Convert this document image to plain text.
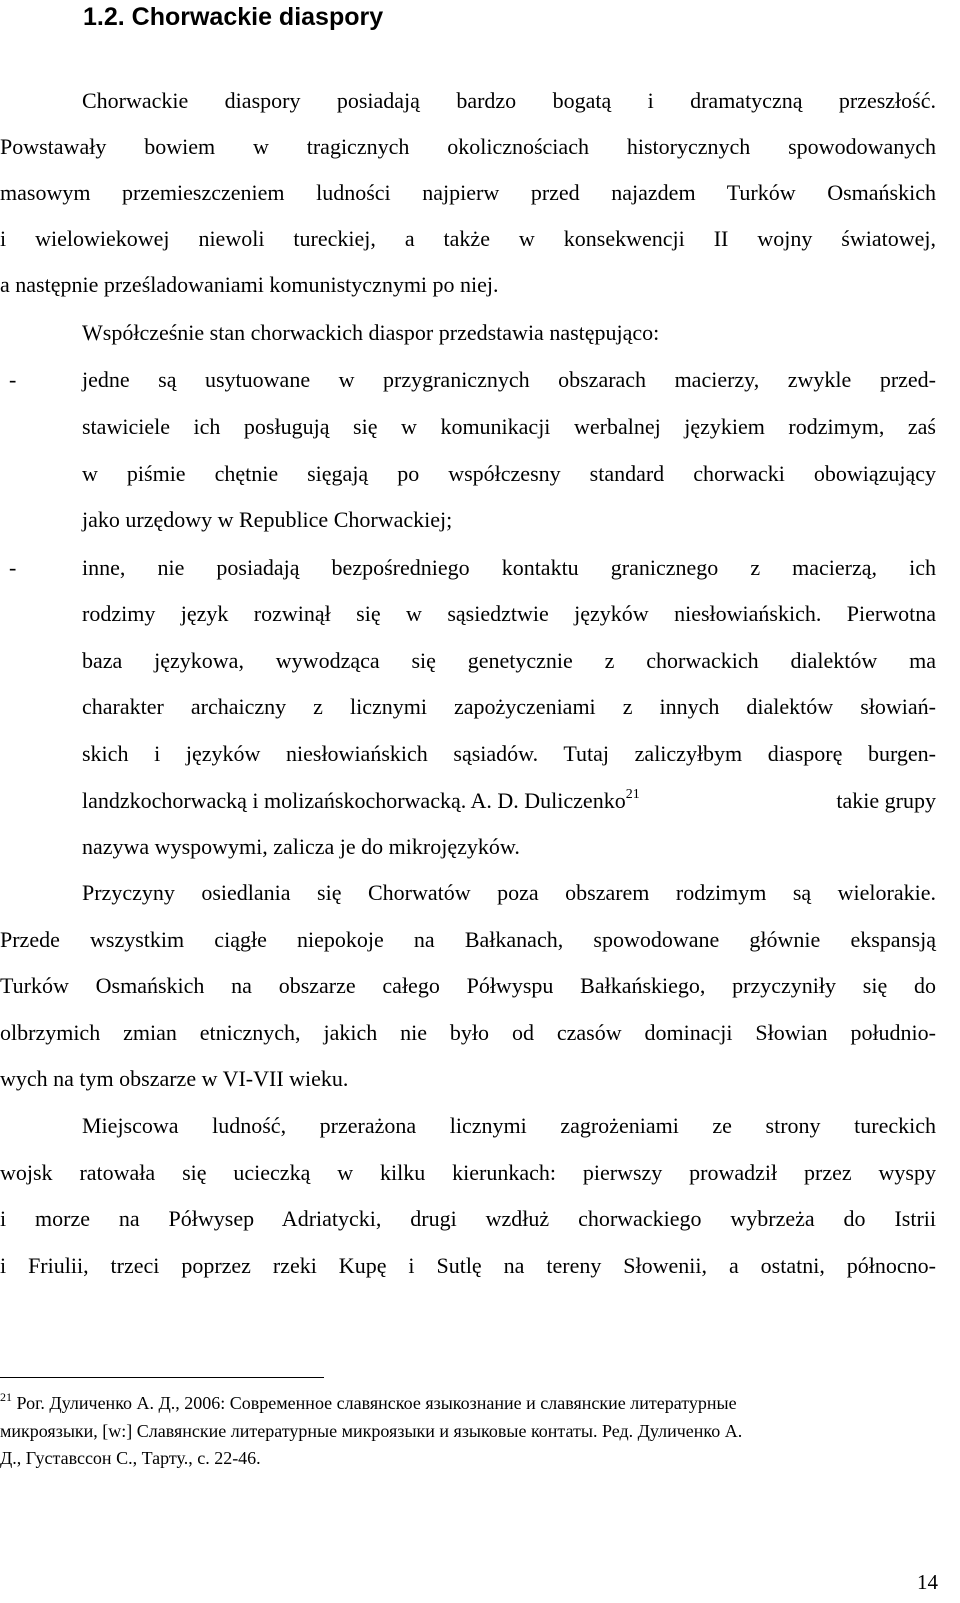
1.2. Chorwackie diaspory
Chorwackie diaspory posiadają bardzo bogatą i dramatyczną przeszłość.
Powstawały bowiem w tragicznych okolicznościach historycznych spowodowanych
masowym przemieszczeniem ludności najpierw przed najazdem Turków Osmańskich
i wielowiekowej niewoli tureckiej, a także w konsekwencji II wojny światowej,
a następnie prześladowaniami komunistycznymi po niej.
Współcześnie stan chorwackich diaspor przedstawia następująco:
-	jedne są usytuowane w przygranicznych obszarach macierzy, zwykle przed-
stawiciele ich posługują się w komunikacji werbalnej językiem rodzimym, zaś
w piśmie chętnie sięgają po współczesny standard chorwacki obowiązujący
jako urzędowy w Republice Chorwackiej;
-	inne, nie posiadają bezpośredniego kontaktu granicznego z macierzą, ich
rodzimy język rozwinął się w sąsiedztwie języków niesłowiańskich. Pierwotna
baza językowa, wywodząca się genetycznie z chorwackich dialektów ma
charakter archaiczny z licznymi zapożyczeniami z innych dialektów słowiań-
skich i języków niesłowiańskich sąsiadów. Tutaj zaliczyłbym diasporę burgen-
landzkochorwacką i molizańskochorwacką. A. D. Duliczenko$^{21}$	takie grupy
nazywa wyspowymi, zalicza je do mikrojęzyków.
Przyczyny osiedlania się Chorwatów poza obszarem rodzimym są wielorakie.
Przede wszystkim ciągłe niepokoje na Bałkanach, spowodowane głównie ekspansją
Turków Osmańskich na obszarze całego Półwyspu Bałkańskiego, przyczyniły się do
olbrzymich zmian etnicznych, jakich nie było od czasów dominacji Słowian południo-
wych na tym obszarze w VI-VII wieku.
Miejscowa ludność, przerażona licznymi zagrożeniami ze strony tureckich
wojsk ratowała się ucieczką w kilku kierunkach: pierwszy prowadził przez wyspy
i morze na Półwysep Adriatycki, drugi wzdłuż chorwackiego wybrzeża do Istrii
i Friulii, trzeci poprzez rzeki Kupę i Sutlę na tereny Słowenii, a ostatni, północno-
$^{21}$ Рог. Дуличенко А. Д., 2006: Современное славянское языкознание и славянские литературные
микроязыки, [w:] Славянские литературные микроязыки и языковые контаты. Ред. Дуличенко А.
Д., Густавссон С., Тарту., с. 22-46.
14
